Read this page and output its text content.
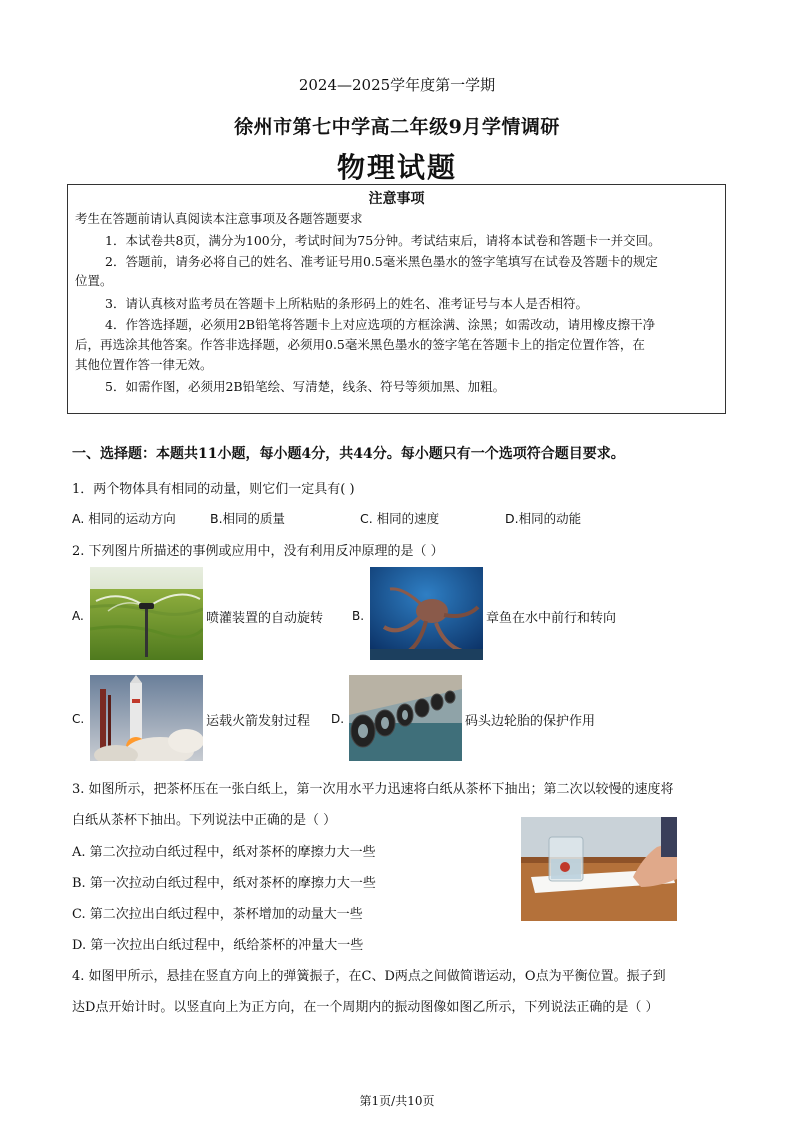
2024—2025学年度第一学期
徐州市第七中学高二年级9月学情调研
物理试题
注意事项
考生在答题前请认真阅读本注意事项及各题答题要求
1．本试卷共8页，满分为100分，考试时间为75分钟。考试结束后，请将本试卷和答题卡一并交回。
2．答题前，请务必将自己的姓名、准考证号用0.5毫米黑色墨水的签字笔填写在试卷及答题卡的规定
位置。
3．请认真核对监考员在答题卡上所粘贴的条形码上的姓名、准考证号与本人是否相符。
4．作答选择题，必须用2B铅笔将答题卡上对应选项的方框涂满、涂黑；如需改动，请用橡皮擦干净
后，再选涂其他答案。作答非选择题，必须用0.5毫米黑色墨水的签字笔在答题卡上的指定位置作答，在
其他位置作答一律无效。
5．如需作图，必须用2B铅笔绘、写清楚，线条、符号等须加黑、加粗。
一、选择题：本题共11小题，每小题4分，共44分。每小题只有一个选项符合题目要求。
1．两个物体具有相同的动量，则它们一定具有( )
A. 相同的运动方向	B.相同的质量	C. 相同的速度	D.相同的动能
2. 下列图片所描述的事例或应用中，没有利用反冲原理的是（ ）
A.	喷灌装置的自动旋转 B.	章鱼在水中前行和转向
C.	运载火箭发射过程 D.	码头边轮胎的保护作用
3. 如图所示，把茶杯压在一张白纸上，第一次用水平力迅速将白纸从茶杯下抽出；第二次以较慢的速度将
白纸从茶杯下抽出。下列说法中正确的是（ ）
A. 第二次拉动白纸过程中，纸对茶杯的摩擦力大一些
B. 第一次拉动白纸过程中，纸对茶杯的摩擦力大一些
C. 第二次拉出白纸过程中，茶杯增加的动量大一些
D. 第一次拉出白纸过程中，纸给茶杯的冲量大一些
4. 如图甲所示，悬挂在竖直方向上的弹簧振子，在C、D两点之间做简谐运动，O点为平衡位置。振子到
达D点开始计时。以竖直向上为正方向，在一个周期内的振动图像如图乙所示，下列说法正确的是（ ）
第1页/共10页
